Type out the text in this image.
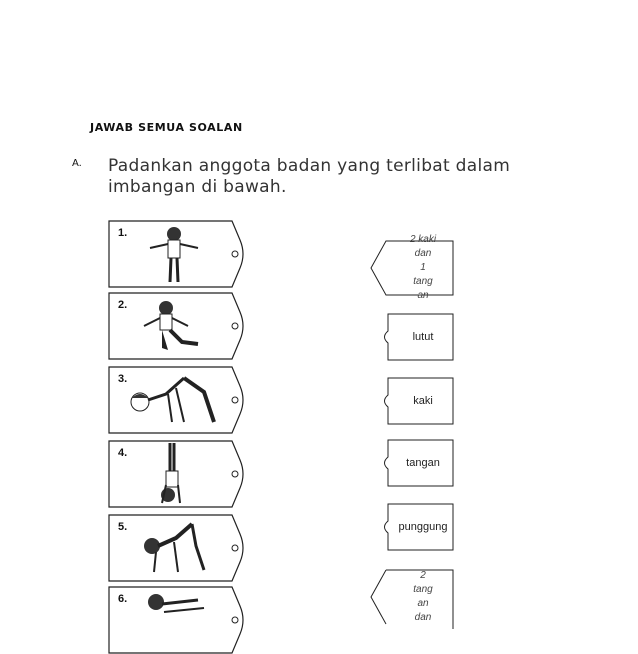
JAWAB SEMUA SOALAN
A. Padankan anggota badan yang terlibat dalam
imbangan di bawah.
1.
2.
3.
4.
5.
6.
2 kaki
dan
1
tang
an
lutut
kaki
tangan
punggung
2
tang
an
dan
